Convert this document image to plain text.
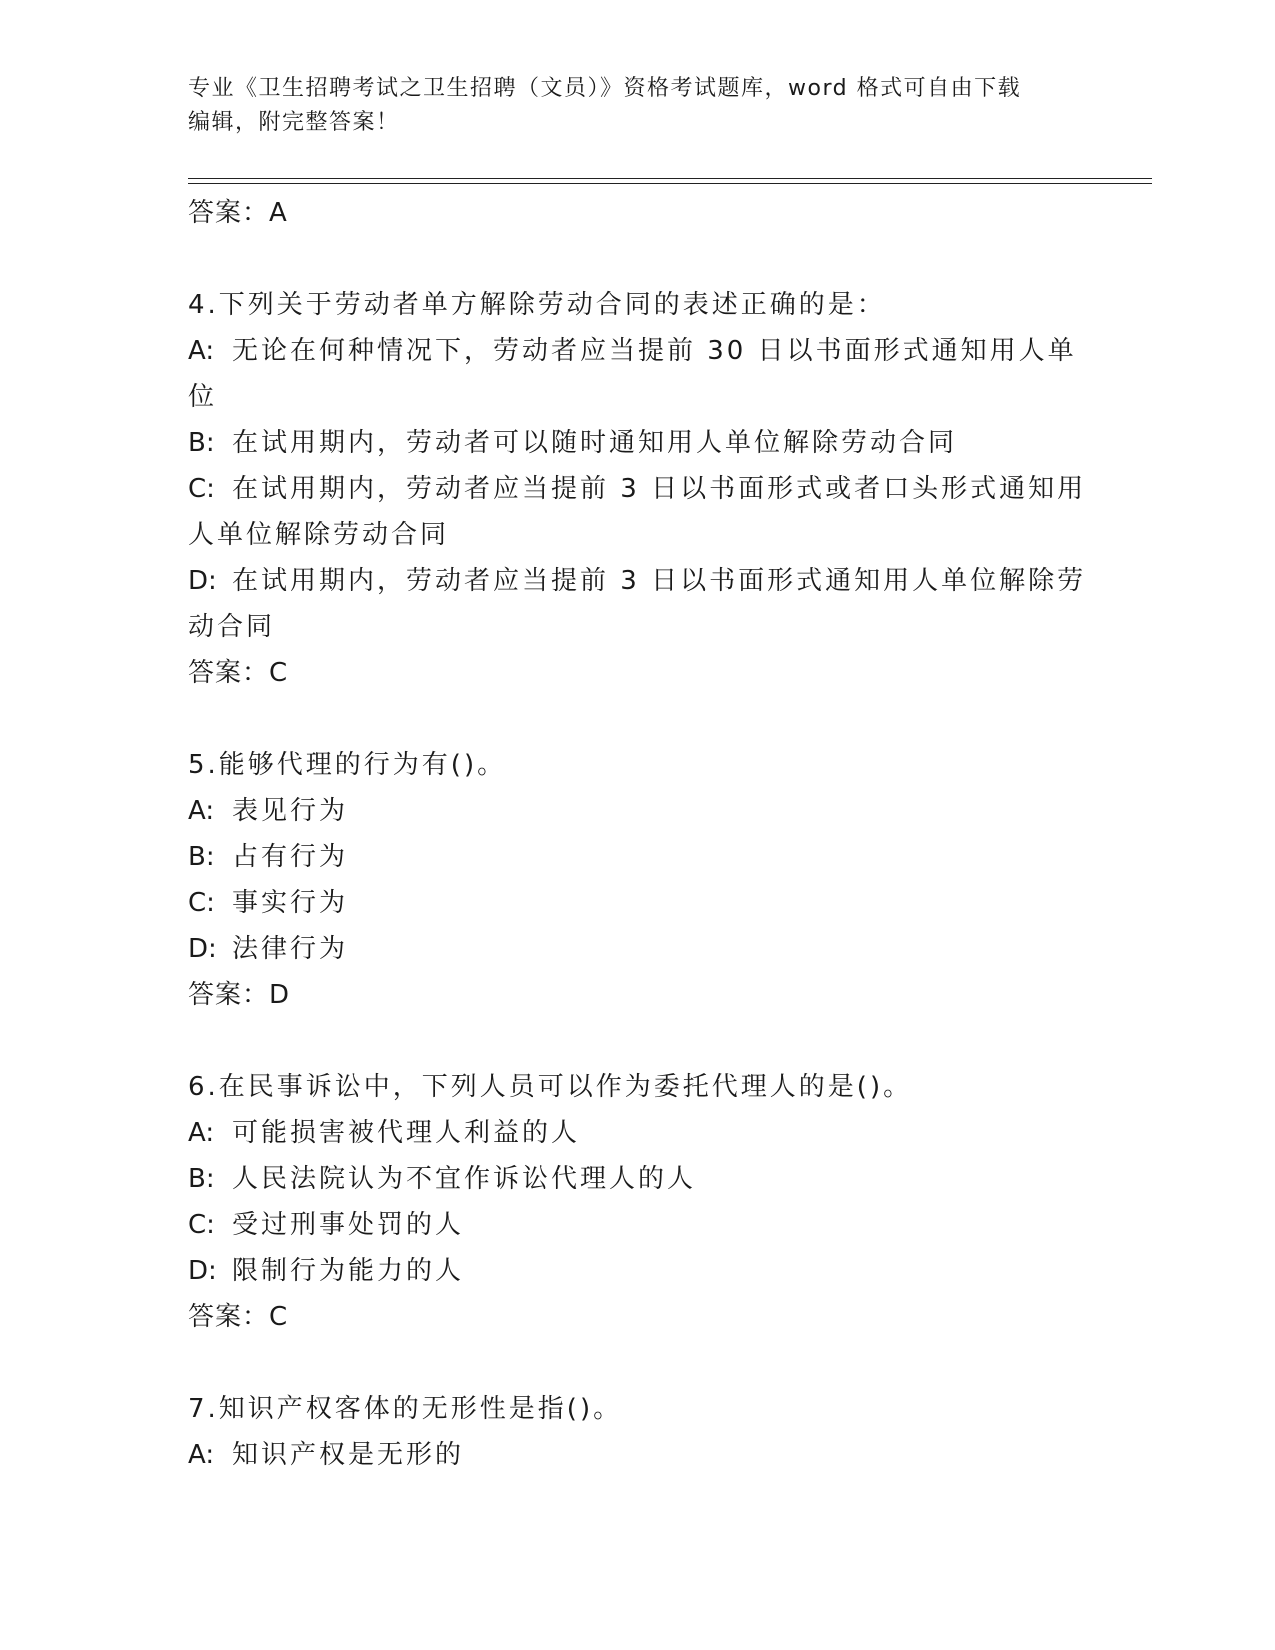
专业《卫生招聘考试之卫生招聘（文员）》资格考试题库，word 格式可自由下载
编辑，附完整答案！

答案：A

4.下列关于劳动者单方解除劳动合同的表述正确的是：

A: 无论在何种情况下，劳动者应当提前 30 日以书面形式通知用人单

位

B: 在试用期内，劳动者可以随时通知用人单位解除劳动合同

C: 在试用期内，劳动者应当提前 3 日以书面形式或者口头形式通知用

人单位解除劳动合同

D: 在试用期内，劳动者应当提前 3 日以书面形式通知用人单位解除劳

动合同

答案：C

5.能够代理的行为有()。

A: 表见行为

B: 占有行为

C: 事实行为

D: 法律行为

答案：D

6.在民事诉讼中，下列人员可以作为委托代理人的是()。

A: 可能损害被代理人利益的人

B: 人民法院认为不宜作诉讼代理人的人

C: 受过刑事处罚的人

D: 限制行为能力的人

答案：C

7.知识产权客体的无形性是指()。

A: 知识产权是无形的
